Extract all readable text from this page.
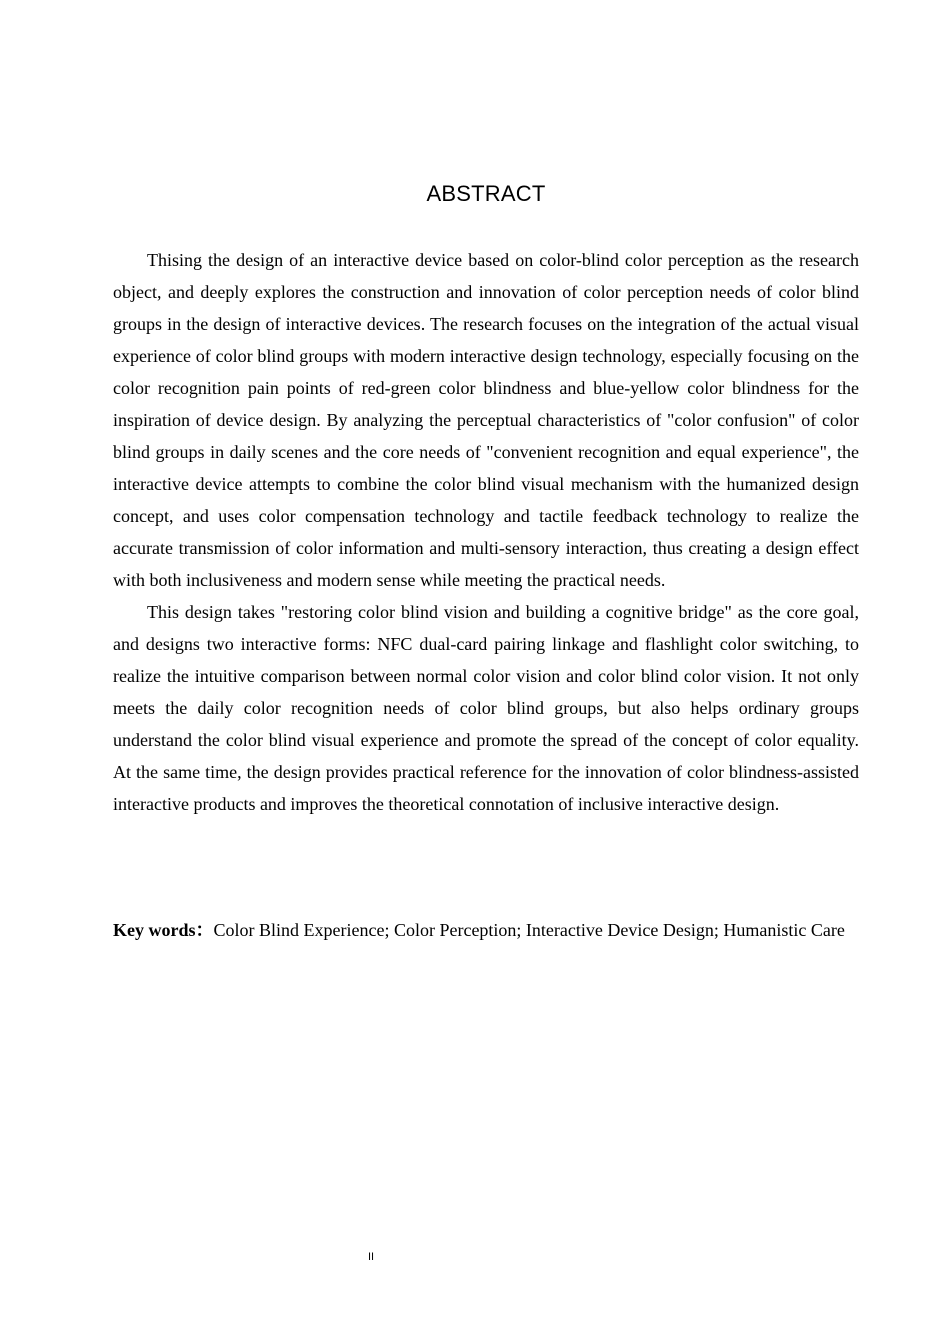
ABSTRACT

Thising the design of an interactive device based on color-blind color perception as the research object, and deeply explores the construction and innovation of color perception needs of color blind groups in the design of interactive devices. The research focuses on the integration of the actual visual experience of color blind groups with modern interactive design technology, especially focusing on the color recognition pain points of red-green color blindness and blue-yellow color blindness for the inspiration of device design. By analyzing the perceptual characteristics of "color confusion" of color blind groups in daily scenes and the core needs of "convenient recognition and equal experience", the interactive device attempts to combine the color blind visual mechanism with the humanized design concept, and uses color compensation technology and tactile feedback technology to realize the accurate transmission of color information and multi-sensory interaction, thus creating a design effect with both inclusiveness and modern sense while meeting the practical needs.

This design takes "restoring color blind vision and building a cognitive bridge" as the core goal, and designs two interactive forms: NFC dual-card pairing linkage and flashlight color switching, to realize the intuitive comparison between normal color vision and color blind color vision. It not only meets the daily color recognition needs of color blind groups, but also helps ordinary groups understand the color blind visual experience and promote the spread of the concept of color equality. At the same time, the design provides practical reference for the innovation of color blindness-assisted interactive products and improves the theoretical connotation of inclusive interactive design.

Key words：Color Blind Experience; Color Perception; Interactive Device Design; Humanistic Care

II
